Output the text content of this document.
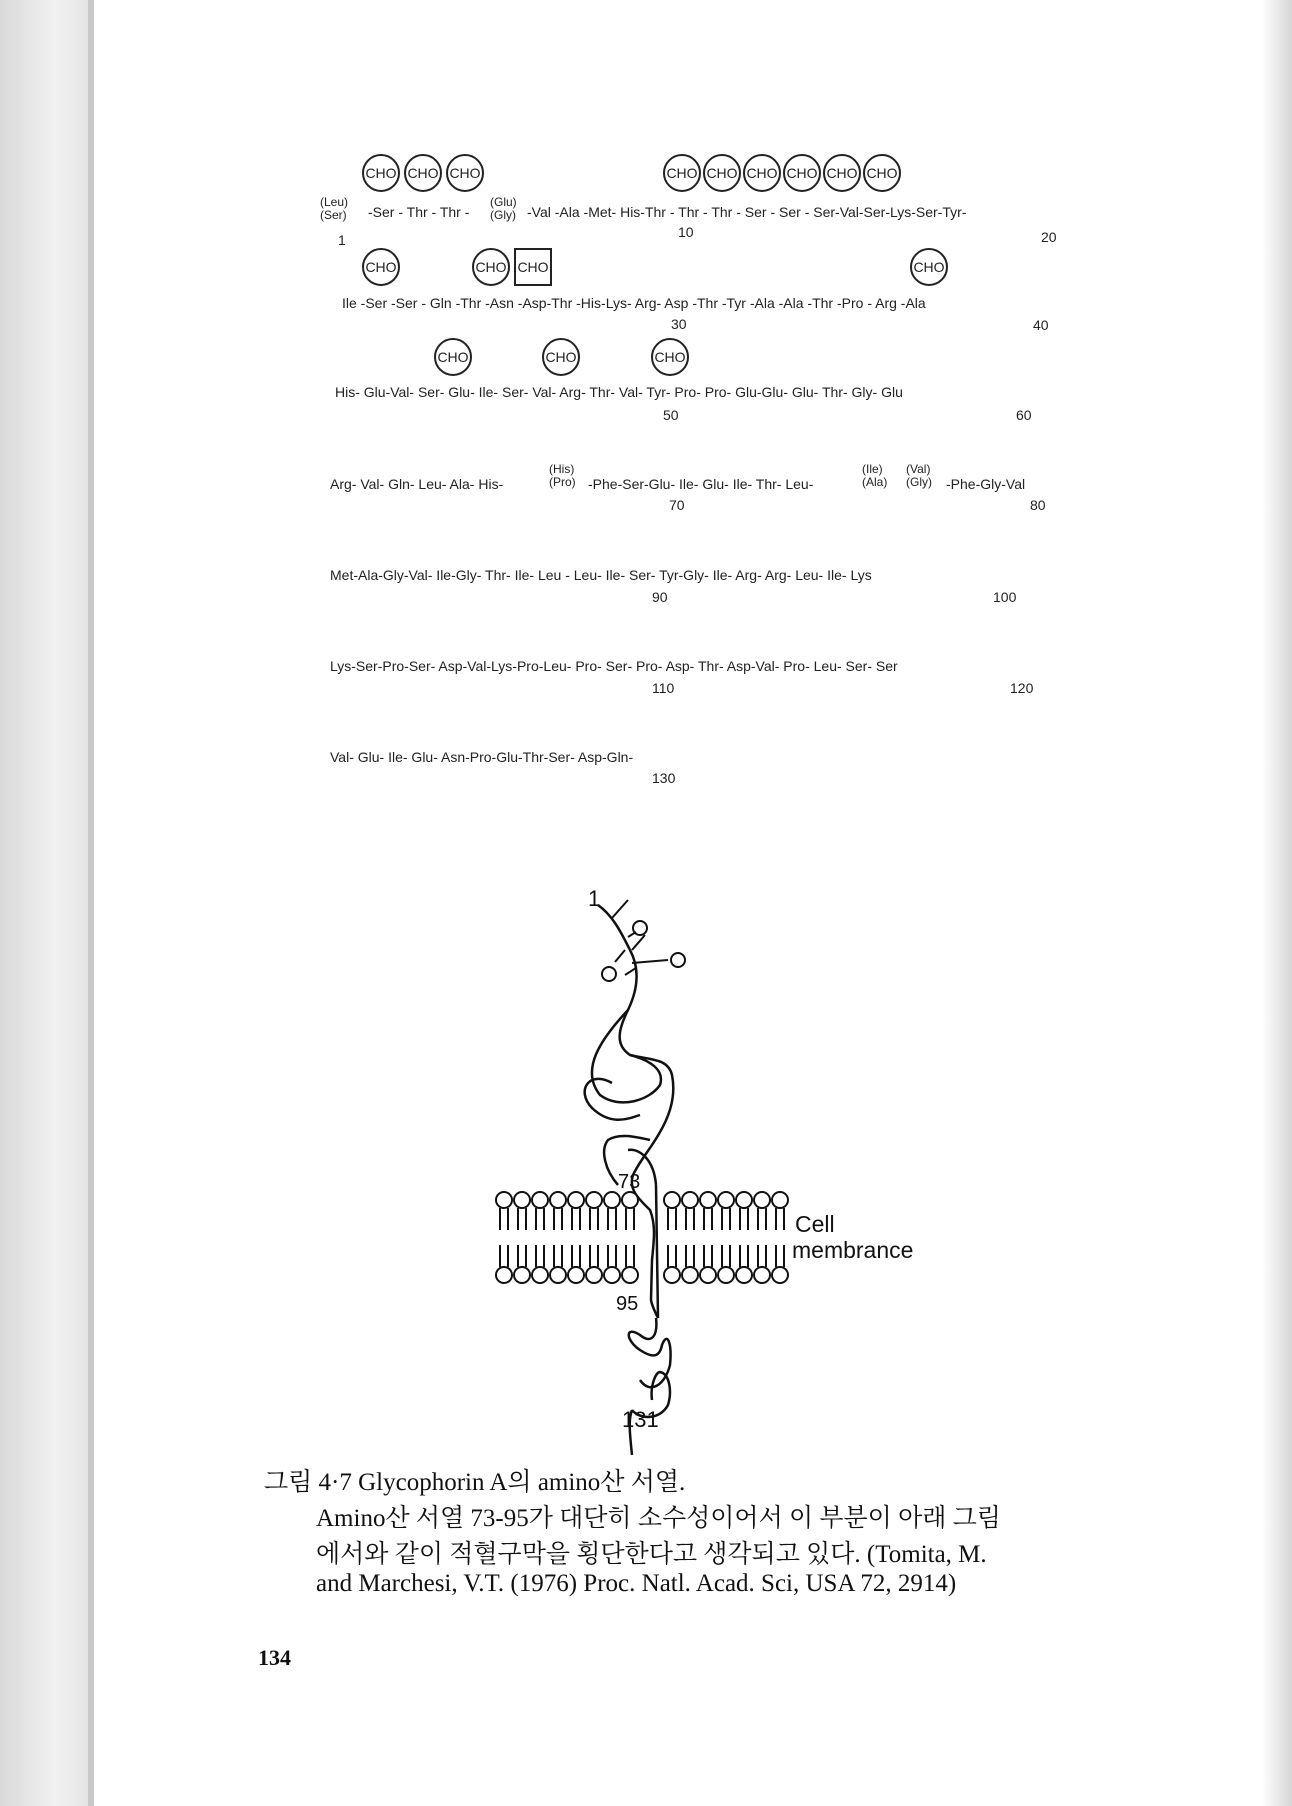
CHO CHO CHO	CHO CHO CHO CHO CHO CHO
(Leu)
(Ser) -Ser - Thr - Thr -
(Glu)
(Gly) -Val -Ala -Met- His-Thr - Thr - Thr - Ser - Ser - Ser-Val-Ser-Lys-Ser-Tyr-
1	10	20
CHO	CHO CHO	CHO
Ile -Ser -Ser - Gln -Thr -Asn -Asp-Thr -His-Lys- Arg- Asp -Thr -Tyr -Ala -Ala -Thr -Pro - Arg -Ala
30	40
CHO	CHO	CHO
His- Glu-Val- Ser- Glu- Ile- Ser- Val- Arg- Thr- Val- Tyr- Pro- Pro- Glu-Glu- Glu- Thr- Gly- Glu
50	60
Arg- Val- Gln- Leu- Ala- His-
(His)
(Pro) -Phe-Ser-Glu- Ile- Glu- Ile- Thr- Leu-
(Ile)
(Ala)
(Val)
(Gly) -Phe-Gly-Val
70	80
Met-Ala-Gly-Val- Ile-Gly- Thr- Ile- Leu - Leu- Ile- Ser- Tyr-Gly- Ile- Arg- Arg- Leu- Ile- Lys
90	100
Lys-Ser-Pro-Ser- Asp-Val-Lys-Pro-Leu- Pro- Ser- Pro- Asp- Thr- Asp-Val- Pro- Leu- Ser- Ser
110	120
Val- Glu- Ile- Glu- Asn-Pro-Glu-Thr-Ser- Asp-Gln-
130
1
73
95
131
Cell
membrance
그림 4·7 Glycophorin A의 amino산 서열.
Amino산 서열 73-95가 대단히 소수성이어서 이 부분이 아래 그림
에서와 같이 적혈구막을 횡단한다고 생각되고 있다. (Tomita, M.
and Marchesi, V.T. (1976) Proc. Natl. Acad. Sci, USA 72, 2914)
134
